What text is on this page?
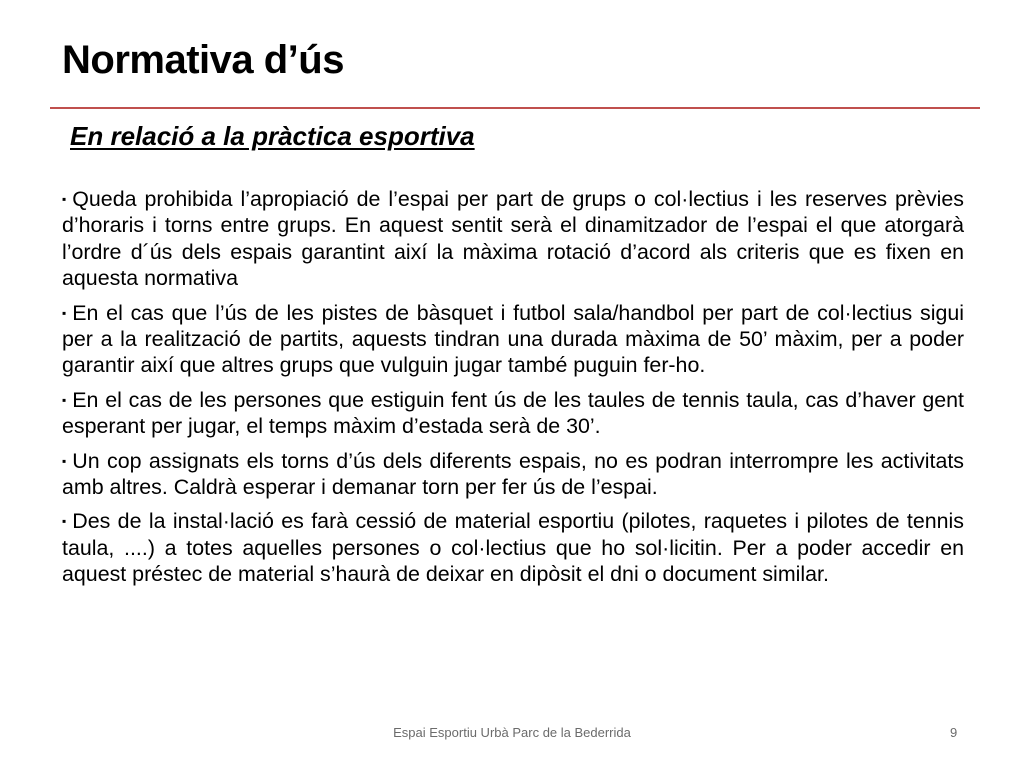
Normativa d’ús
En relació a la pràctica esportiva
▪ Queda prohibida l’apropiació de l’espai per part de grups o col·lectius i les reserves prèvies d’horaris i torns entre grups. En aquest sentit serà el dinamitzador de l’espai el que atorgarà l’ordre d´ús dels espais garantint així la màxima rotació d’acord als criteris que es fixen en aquesta normativa
▪ En el cas que l’ús de les pistes de bàsquet i futbol sala/handbol per part de col·lectius sigui per a la realització de partits, aquests tindran una durada màxima de 50’ màxim, per a poder garantir així que altres grups que vulguin jugar també puguin fer-ho.
▪ En el cas de les persones que estiguin fent ús de les taules de tennis taula, cas d’haver gent esperant per jugar, el temps màxim d’estada serà de 30’.
▪ Un cop assignats els torns d’ús dels diferents espais, no es podran interrompre les activitats amb altres. Caldrà esperar i demanar torn per fer ús de l’espai.
▪ Des de la instal·lació es farà cessió de material esportiu (pilotes, raquetes i pilotes de tennis taula, ....) a totes aquelles persones o col·lectius que ho sol·licitin. Per a poder accedir en aquest préstec de material s’haurà de deixar en dipòsit el dni o document similar.
Espai Esportiu Urbà Parc de la Bederrida	9
